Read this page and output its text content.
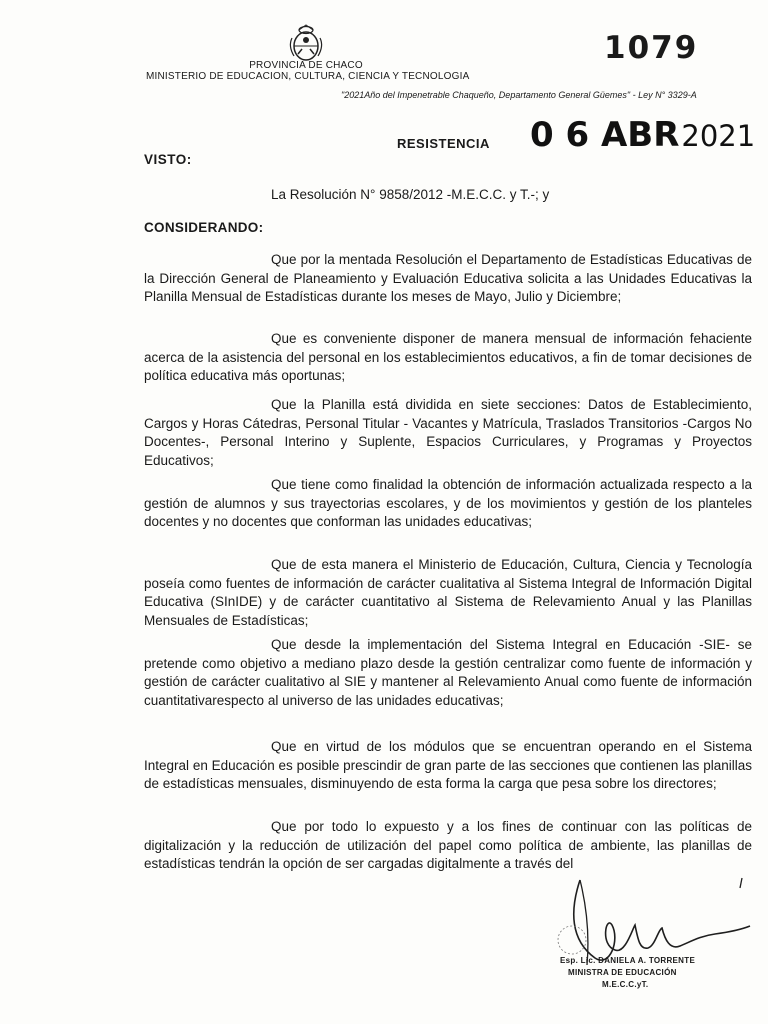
PROVINCIA DE CHACO
MINISTERIO DE EDUCACION, CULTURA, CIENCIA Y TECNOLOGIA
1079
"2021Año del Impenetrable Chaqueño, Departamento General Güemes" - Ley N° 3329-A
RESISTENCIA 0 6 ABR2021
VISTO:
La Resolución N° 9858/2012 -M.E.C.C. y T.-; y
CONSIDERANDO:
Que por la mentada Resolución el Departamento de Estadísticas Educativas de la Dirección General de Planeamiento y Evaluación Educativa solicita a las Unidades Educativas la Planilla Mensual de Estadísticas durante los meses de Mayo, Julio y Diciembre;
Que es conveniente disponer de manera mensual de información fehaciente acerca de la asistencia del personal en los establecimientos educativos, a fin de tomar decisiones de política educativa más oportunas;
Que la Planilla está dividida en siete secciones: Datos de Establecimiento, Cargos y Horas Cátedras, Personal Titular - Vacantes y Matrícula, Traslados Transitorios -Cargos No Docentes-, Personal Interino y Suplente, Espacios Curriculares, y Programas y Proyectos Educativos;
Que tiene como finalidad la obtención de información actualizada respecto a la gestión de alumnos y sus trayectorias escolares, y de los movimientos y gestión de los planteles docentes y no docentes que conforman las unidades educativas;
Que de esta manera el Ministerio de Educación, Cultura, Ciencia y Tecnología poseía como fuentes de información de carácter cualitativa al Sistema Integral de Información Digital Educativa (SInIDE) y de carácter cuantitativo al Sistema de Relevamiento Anual y las Planillas Mensuales de Estadísticas;
Que desde la implementación del Sistema Integral en Educación -SIE- se pretende como objetivo a mediano plazo desde la gestión centralizar como fuente de información y gestión de carácter cualitativo al SIE y mantener al Relevamiento Anual como fuente de información cuantitativarespecto al universo de las unidades educativas;
Que en virtud de los módulos que se encuentran operando en el Sistema Integral en Educación es posible prescindir de gran parte de las secciones que contienen las planillas de estadísticas mensuales, disminuyendo de esta forma la carga que pesa sobre los directores;
Que por todo lo expuesto y a los fines de continuar con las políticas de digitalización y la reducción de utilización del papel como política de ambiente, las planillas de estadísticas tendrán la opción de ser cargadas digitalmente a través del
Esp. Lic. DANIELA A. TORRENTE
MINISTRA DE EDUCACIÓN
M.E.C.C.yT.
